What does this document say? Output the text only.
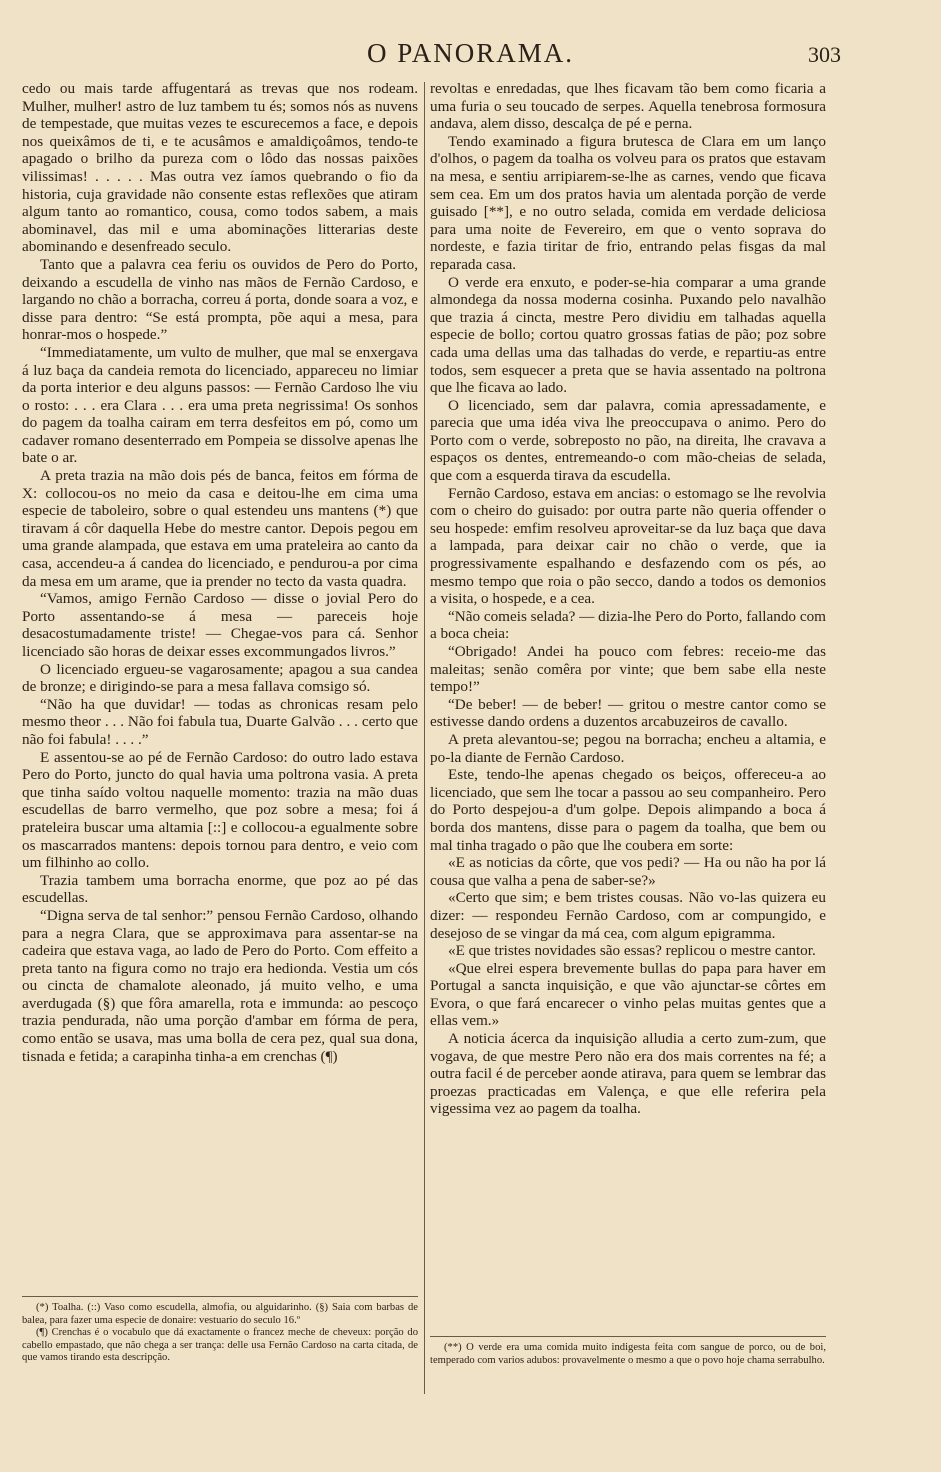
O PANORAMA.	303

cedo ou mais tarde affugentará as trevas que nos rodeam. Mulher, mulher! astro de luz tambem tu és; somos nós as nuvens de tempestade, que muitas vezes te escurecemos a face, e depois nos queixâmos de ti, e te acusâmos e amaldiçoâmos, tendo-te apagado o brilho da pureza com o lôdo das nossas paixões vilissimas! . . . . . Mas outra vez íamos quebrando o fio da historia, cuja gravidade não consente estas reflexões que atiram algum tanto ao romantico, cousa, como todos sabem, a mais abominavel, das mil e uma abominações litterarias deste abominando e desenfreado seculo.

Tanto que a palavra cea feriu os ouvidos de Pero do Porto, deixando a escudella de vinho nas mãos de Fernão Cardoso, e largando no chão a borracha, correu á porta, donde soara a voz, e disse para dentro: “Se está prompta, põe aqui a mesa, para honrar-mos o hospede.”

“Immediatamente, um vulto de mulher, que mal se enxergava á luz baça da candeia remota do licenciado, appareceu no limiar da porta interior e deu alguns passos: — Fernão Cardoso lhe viu o rosto: . . . era Clara . . . era uma preta negrissima! Os sonhos do pagem da toalha cairam em terra desfeitos em pó, como um cadaver romano desenterrado em Pompeia se dissolve apenas lhe bate o ar.

A preta trazia na mão dois pés de banca, feitos em fórma de X: collocou-os no meio da casa e deitou-lhe em cima uma especie de taboleiro, sobre o qual estendeu uns mantens (*) que tiravam á côr daquella Hebe do mestre cantor. Depois pegou em uma grande alampada, que estava em uma prateleira ao canto da casa, accendeu-a á candea do licenciado, e pendurou-a por cima da mesa em um arame, que ia prender no tecto da vasta quadra.

“Vamos, amigo Fernão Cardoso — disse o jovial Pero do Porto assentando-se á mesa — pareceis hoje desacostumadamente triste! — Chegae-vos para cá. Senhor licenciado são horas de deixar esses excommungados livros.”

O licenciado ergueu-se vagarosamente; apagou a sua candea de bronze; e dirigindo-se para a mesa fallava comsigo só.

“Não ha que duvidar! — todas as chronicas resam pelo mesmo theor . . . Não foi fabula tua, Duarte Galvão . . . certo que não foi fabula! . . . .”

E assentou-se ao pé de Fernão Cardoso: do outro lado estava Pero do Porto, juncto do qual havia uma poltrona vasia. A preta que tinha saído voltou naquelle momento: trazia na mão duas escudellas de barro vermelho, que poz sobre a mesa; foi á prateleira buscar uma altamia [::] e collocou-a egualmente sobre os mascarrados mantens: depois tornou para dentro, e veio com um filhinho ao collo.

Trazia tambem uma borracha enorme, que poz ao pé das escudellas.

“Digna serva de tal senhor:” pensou Fernão Cardoso, olhando para a negra Clara, que se approximava para assentar-se na cadeira que estava vaga, ao lado de Pero do Porto. Com effeito a preta tanto na figura como no trajo era hedionda. Vestia um cós ou cincta de chamalote aleonado, já muito velho, e uma averdugada (§) que fôra amarella, rota e immunda: ao pescoço trazia pendurada, não uma porção d'ambar em fórma de pera, como então se usava, mas uma bolla de cera pez, qual sua dona, tisnada e fetida; a carapinha tinha-a em crenchas (¶)

revoltas e enredadas, que lhes ficavam tão bem como ficaria a uma furia o seu toucado de serpes. Aquella tenebrosa formosura andava, alem disso, descalça de pé e perna.

Tendo examinado a figura brutesca de Clara em um lanço d'olhos, o pagem da toalha os volveu para os pratos que estavam na mesa, e sentiu arripiarem-se-lhe as carnes, vendo que ficava sem cea. Em um dos pratos havia um alentada porção de verde guisado [**], e no outro selada, comida em verdade deliciosa para uma noite de Fevereiro, em que o vento soprava do nordeste, e fazia tiritar de frio, entrando pelas fisgas da mal reparada casa.

O verde era enxuto, e poder-se-hia comparar a uma grande almondega da nossa moderna cosinha. Puxando pelo navalhão que trazia á cincta, mestre Pero dividiu em talhadas aquella especie de bollo; cortou quatro grossas fatias de pão; poz sobre cada uma dellas uma das talhadas do verde, e repartiu-as entre todos, sem esquecer a preta que se havia assentado na poltrona que lhe ficava ao lado.

O licenciado, sem dar palavra, comia apressadamente, e parecia que uma idéa viva lhe preoccupava o animo. Pero do Porto com o verde, sobreposto no pão, na direita, lhe cravava a espaços os dentes, entremeando-o com mão-cheias de selada, que com a esquerda tirava da escudella.

Fernão Cardoso, estava em ancias: o estomago se lhe revolvia com o cheiro do guisado: por outra parte não queria offender o seu hospede: emfim resolveu aproveitar-se da luz baça que dava a lampada, para deixar cair no chão o verde, que ia progressivamente espalhando e desfazendo com os pés, ao mesmo tempo que roia o pão secco, dando a todos os demonios a visita, o hospede, e a cea.

“Não comeis selada? — dizia-lhe Pero do Porto, fallando com a boca cheia:

“Obrigado! Andei ha pouco com febres: receio-me das maleitas; senão comêra por vinte; que bem sabe ella neste tempo!”

“De beber! — de beber! — gritou o mestre cantor como se estivesse dando ordens a duzentos arcabuzeiros de cavallo.

A preta alevantou-se; pegou na borracha; encheu a altamia, e po-la diante de Fernão Cardoso.

Este, tendo-lhe apenas chegado os beiços, offereceu-a ao licenciado, que sem lhe tocar a passou ao seu companheiro. Pero do Porto despejou-a d'um golpe. Depois alimpando a boca á borda dos mantens, disse para o pagem da toalha, que bem ou mal tinha tragado o pão que lhe coubera em sorte:

«E as noticias da côrte, que vos pedi? — Ha ou não ha por lá cousa que valha a pena de saber-se?»

«Certo que sim; e bem tristes cousas. Não vo-las quizera eu dizer: — respondeu Fernão Cardoso, com ar compungido, e desejoso de se vingar da má cea, com algum epigramma.

«E que tristes novidades são essas? replicou o mestre cantor.

«Que elrei espera brevemente bullas do papa para haver em Portugal a sancta inquisição, e que vão ajunctar-se côrtes em Evora, o que fará encarecer o vinho pelas muitas gentes que a ellas vem.»

A noticia ácerca da inquisição alludia a certo zum-zum, que vogava, de que mestre Pero não era dos mais correntes na fé; a outra facil é de perceber aonde atirava, para quem se lembrar das proezas practicadas em Valença, e que elle referira pela vigessima vez ao pagem da toalha.

(*) Toalha. (::) Vaso como escudella, almofia, ou alguidarinho. (§) Saia com barbas de balea, para fazer uma especie de donaire: vestuario do seculo 16.º

(¶) Crenchas é o vocabulo que dá exactamente o francez meche de cheveux: porção do cabello empastado, que não chega a ser trança: delle usa Fernão Cardoso na carta citada, de que vamos tirando esta descripção.

(**) O verde era uma comida muito indigesta feita com sangue de porco, ou de boi, temperado com varios adubos: provavelmente o mesmo a que o povo hoje chama serrabulho.
